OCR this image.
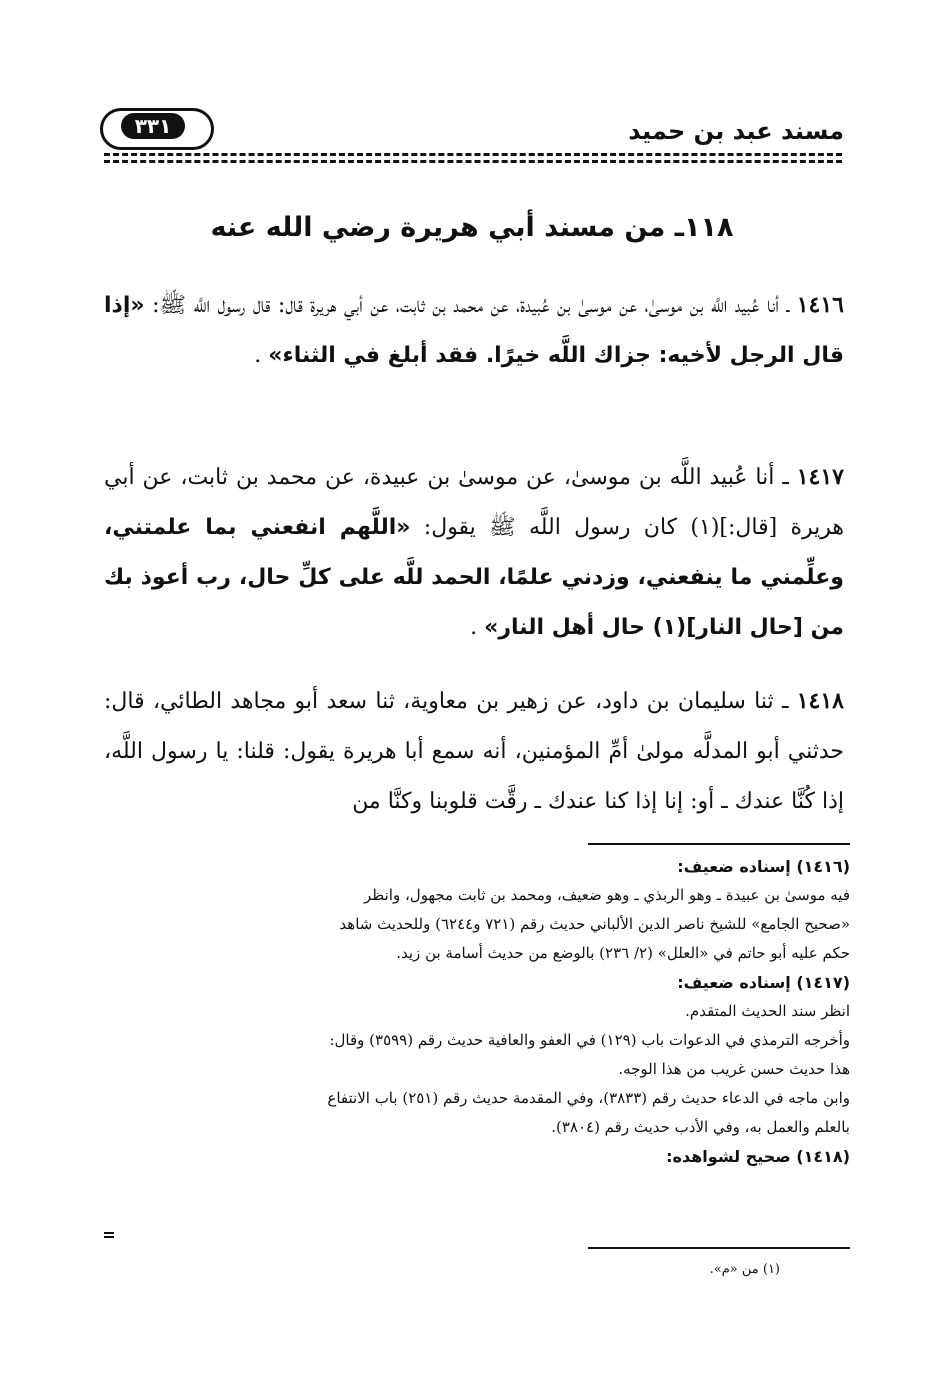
٣٣١	مسند عبد بن حميد
١١٨ـ من مسند أبي هريرة رضي الله عنه
١٤١٦ ـ أنا عُبيد اللَّه بن موسىٰ، عن موسىٰ بن عُبيدة، عن محمد بن ثابت، عن أبي هريرة قال: قال رسول اللَّه ﷺ: «إذا قال الرجل لأخيه: جزاك اللَّه خيرًا. فقد أبلغ في الثناء» .
١٤١٧ ـ أنا عُبيد اللَّه بن موسىٰ، عن موسىٰ بن عبيدة، عن محمد بن ثابت، عن أبي هريرة [قال:](١) كان رسول اللَّه ﷺ يقول: «اللَّهم انفعني بما علمتني، وعلِّمني ما ينفعني، وزدني علمًا، الحمد للَّه على كلِّ حال، رب أعوذ بك من [حال النار](١) حال أهل النار» .
١٤١٨ ـ ثنا سليمان بن داود، عن زهير بن معاوية، ثنا سعد أبو مجاهد الطائي، قال: حدثني أبو المدلَّه مولىٰ أمِّ المؤمنين، أنه سمع أبا هريرة يقول: قلنا: يا رسول اللَّه، إذا كُنَّا عندك ـ أو: إنا إذا كنا عندك ـ رقَّت قلوبنا وكنَّا من
(١٤١٦) إسناده ضعيف:
فيه موسىٰ بن عبيدة ـ وهو الربذي ـ وهو ضعيف، ومحمد بن ثابت مجهول، وانظر
«صحيح الجامع» للشيخ ناصر الدين الألباني حديث رقم (٧٢١ و٦٢٤٤) وللحديث شاهد
حكم عليه أبو حاتم في «العلل» (٢/ ٢٣٦) بالوضع من حديث أسامة بن زيد.
(١٤١٧) إسناده ضعيف:
انظر سند الحديث المتقدم.
وأخرجه الترمذي في الدعوات باب (١٢٩) في العفو والعافية حديث رقم (٣٥٩٩) وقال:
هذا حديث حسن غريب من هذا الوجه.
وابن ماجه في الدعاء حديث رقم (٣٨٣٣)، وفي المقدمة حديث رقم (٢٥١) باب الانتفاع
بالعلم والعمل به، وفي الأدب حديث رقم (٣٨٠٤).
(١٤١٨) صحيح لشواهده:
(١) من «م».
